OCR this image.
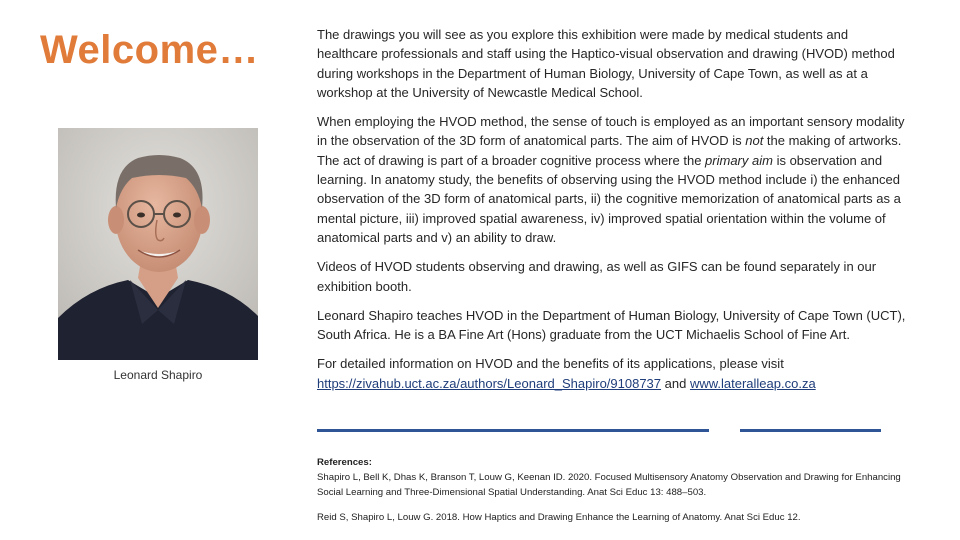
Welcome…
Leonard Shapiro

The drawings you will see as you explore this exhibition were made by medical students and healthcare professionals and staff using the Haptico-visual observation and drawing (HVOD) method during workshops in the Department of Human Biology, University of Cape Town, as well as at a workshop at the University of Newcastle Medical School.

When employing the HVOD method, the sense of touch is employed as an important sensory modality in the observation of the 3D form of anatomical parts. The aim of HVOD is not the making of artworks. The act of drawing is part of a broader cognitive process where the primary aim is observation and learning. In anatomy study, the benefits of observing using the HVOD method include i) the enhanced observation of the 3D form of anatomical parts, ii) the cognitive memorization of anatomical parts as a mental picture, iii) improved spatial awareness, iv) improved spatial orientation within the volume of anatomical parts and v) an ability to draw.

Videos of HVOD students observing and drawing, as well as GIFS can be found separately in our exhibition booth.

Leonard Shapiro teaches HVOD in the Department of Human Biology, University of Cape Town (UCT), South Africa. He is a BA Fine Art (Hons) graduate from the UCT Michaelis School of Fine Art.

For detailed information on HVOD and the benefits of its applications, please visit
https://zivahub.uct.ac.za/authors/Leonard_Shapiro/9108737 and www.lateralleap.co.za

References:

Shapiro L, Bell K, Dhas K, Branson T, Louw G, Keenan ID. 2020. Focused Multisensory Anatomy Observation and Drawing for Enhancing Social Learning and Three-Dimensional Spatial Understanding. Anat Sci Educ 13: 488–503.

Reid S, Shapiro L, Louw G. 2018. How Haptics and Drawing Enhance the Learning of Anatomy. Anat Sci Educ 12.
